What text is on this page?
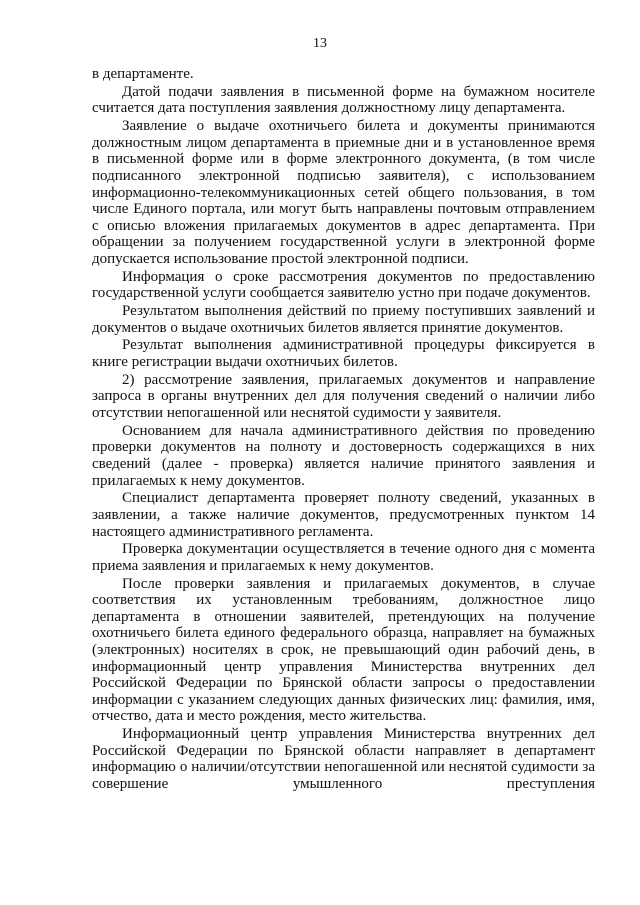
13

в департаменте.

Датой подачи заявления в письменной форме на бумажном носителе считается дата поступления заявления должностному лицу департамента.

Заявление о выдаче охотничьего билета и документы принимаются должностным лицом департамента в приемные дни и в установленное время в письменной форме или в форме электронного документа, (в том числе подписанного электронной подписью заявителя), с использованием информационно-телекоммуникационных сетей общего пользования, в том числе Единого портала, или могут быть направлены почтовым отправлением с описью вложения прилагаемых документов в адрес департамента. При обращении за получением государственной услуги в электронной форме допускается использование простой электронной подписи.

Информация о сроке рассмотрения документов по предоставлению государственной услуги сообщается заявителю устно при подаче документов.

Результатом выполнения действий по приему поступивших заявлений и документов о выдаче охотничьих билетов является принятие документов.

Результат выполнения административной процедуры фиксируется в книге регистрации выдачи охотничьих билетов.

2) рассмотрение заявления, прилагаемых документов и направление запроса в органы внутренних дел для получения сведений о наличии либо отсутствии непогашенной или неснятой судимости у заявителя.

Основанием для начала административного действия по проведению проверки документов на полноту и достоверность содержащихся в них сведений (далее - проверка) является наличие принятого заявления и прилагаемых к нему документов.

Специалист департамента проверяет полноту сведений, указанных в заявлении, а также наличие документов, предусмотренных пунктом 14 настоящего административного регламента.

Проверка документации осуществляется в течение одного дня с момента приема заявления и прилагаемых к нему документов.

После проверки заявления и прилагаемых документов, в случае соответствия их установленным требованиям, должностное лицо департамента в отношении заявителей, претендующих на получение охотничьего билета единого федерального образца, направляет на бумажных (электронных) носителях в срок, не превышающий один рабочий день, в информационный центр управления Министерства внутренних дел Российской Федерации по Брянской области запросы о предоставлении информации с указанием следующих данных физических лиц: фамилия, имя, отчество, дата и место рождения, место жительства.

Информационный центр управления Министерства внутренних дел Российской Федерации по Брянской области направляет в департамент информацию о наличии/отсутствии непогашенной или неснятой судимости за совершение умышленного преступления
